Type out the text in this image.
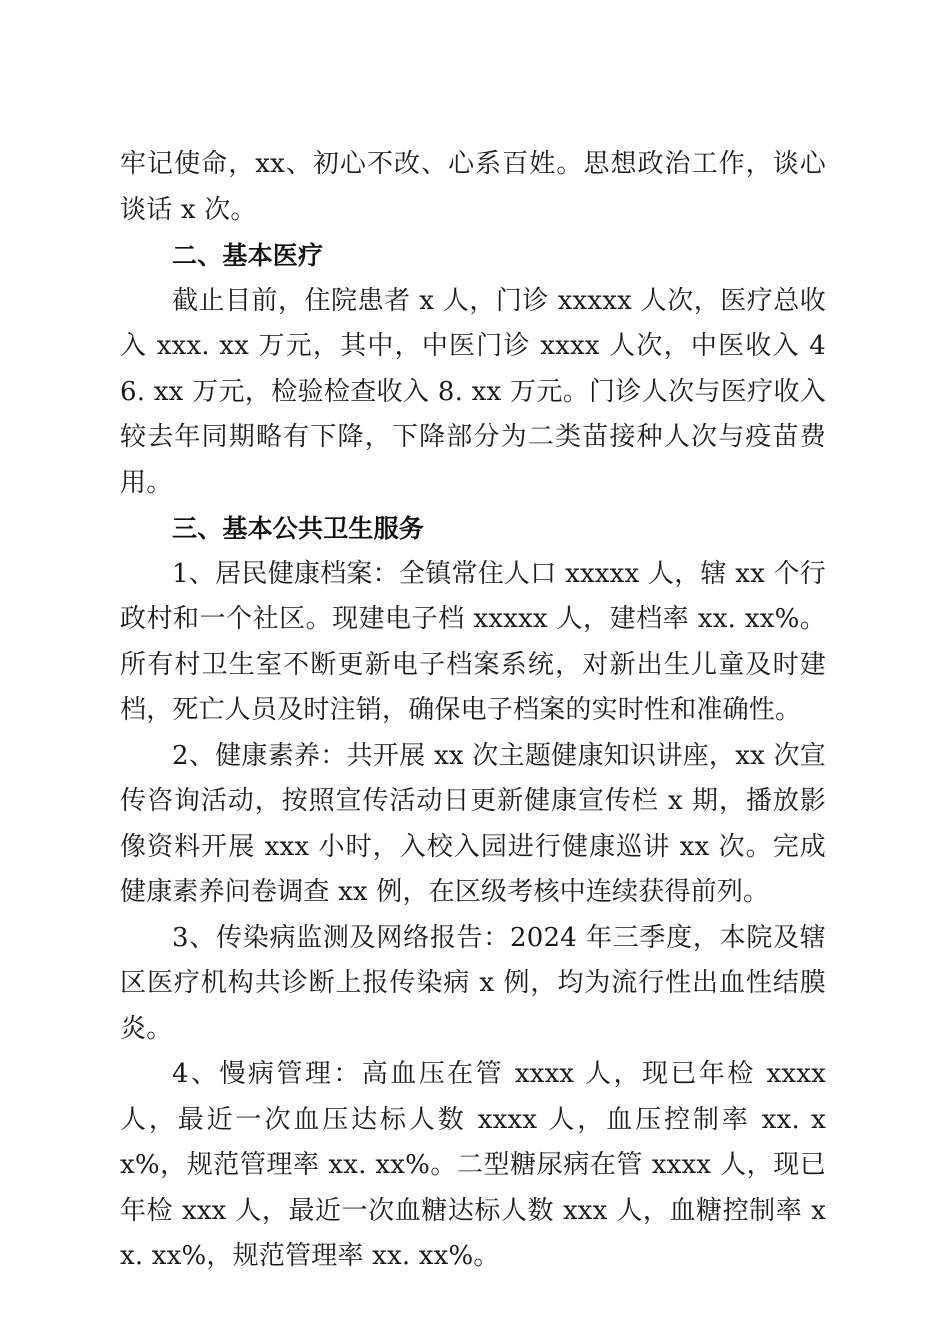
牢记使命，xx、初心不改、心系百姓。思想政治工作，谈心谈话 x 次。

二、基本医疗

截止目前，住院患者 x 人，门诊 xxxxx 人次，医疗总收入 xxx. xx 万元，其中，中医门诊 xxxx 人次，中医收入 46. xx 万元，检验检查收入 8. xx 万元。门诊人次与医疗收入较去年同期略有下降，下降部分为二类苗接种人次与疫苗费用。

三、基本公共卫生服务

1、居民健康档案：全镇常住人口 xxxxx 人，辖 xx 个行政村和一个社区。现建电子档 xxxxx 人，建档率 xx. xx%。所有村卫生室不断更新电子档案系统，对新出生儿童及时建档，死亡人员及时注销，确保电子档案的实时性和准确性。

2、健康素养：共开展 xx 次主题健康知识讲座，xx 次宣传咨询活动，按照宣传活动日更新健康宣传栏 x 期，播放影像资料开展 xxx 小时，入校入园进行健康巡讲 xx 次。完成健康素养问卷调查 xx 例，在区级考核中连续获得前列。

3、传染病监测及网络报告：2024 年三季度，本院及辖区医疗机构共诊断上报传染病 x 例，均为流行性出血性结膜炎。

4、慢病管理：高血压在管 xxxx 人，现已年检 xxxx 人，最近一次血压达标人数 xxxx 人，血压控制率 xx. xx%，规范管理率 xx. xx%。二型糖尿病在管 xxxx 人，现已年检 xxx 人，最近一次血糖达标人数 xxx 人，血糖控制率 xx. xx%，规范管理率 xx. xx%。
